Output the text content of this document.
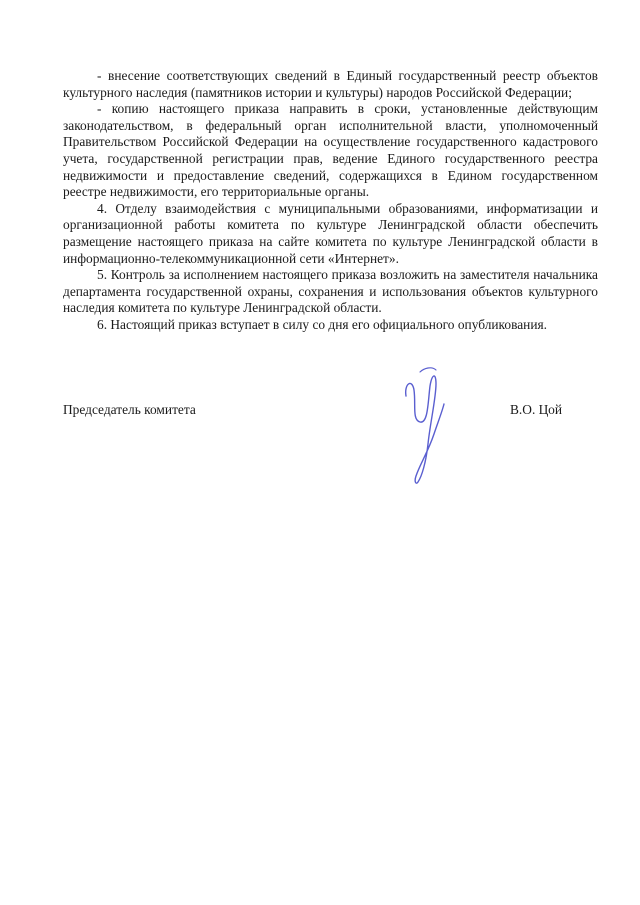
- внесение соответствующих сведений в Единый государственный реестр объектов культурного наследия (памятников истории и культуры) народов Российской Федерации;

- копию настоящего приказа направить в сроки, установленные действующим законодательством, в федеральный орган исполнительной власти, уполномоченный Правительством Российской Федерации на осуществление государственного кадастрового учета, государственной регистрации прав, ведение Единого государственного реестра недвижимости и предоставление сведений, содержащихся в Едином государственном реестре недвижимости, его территориальные органы.

4. Отделу взаимодействия с муниципальными образованиями, информатизации и организационной работы комитета по культуре Ленинградской области обеспечить размещение настоящего приказа на сайте комитета по культуре Ленинградской области в информационно-телекоммуникационной сети «Интернет».

5. Контроль за исполнением настоящего приказа возложить на заместителя начальника департамента государственной охраны, сохранения и использования объектов культурного наследия комитета по культуре Ленинградской области.

6. Настоящий приказ вступает в силу со дня его официального опубликования.

Председатель комитета	В.О. Цой
